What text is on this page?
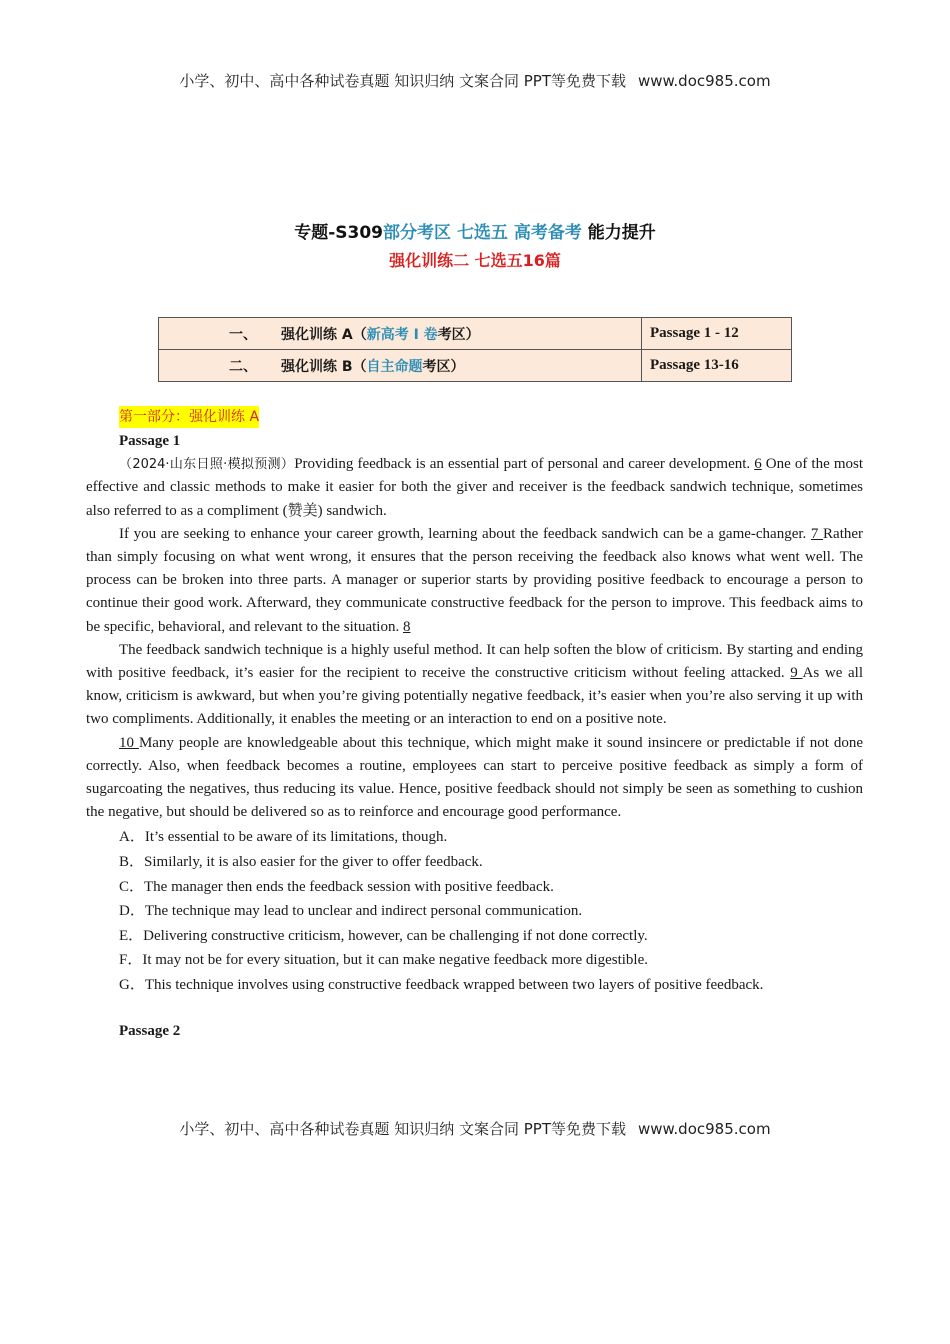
小学、初中、高中各种试卷真题 知识归纳 文案合同 PPT等免费下载 www.doc985.com
专题-S309部分考区 七选五 高考备考 能力提升
强化训练二 七选五16篇
一、 强化训练 A（新高考 Ⅰ 卷考区）	Passage 1 - 12
二、 强化训练 B（自主命题考区）	Passage 13-16
第一部分：强化训练 A
Passage 1

（2024·山东日照·模拟预测）Providing feedback is an essential part of personal and career development. 6 One of the most effective and classic methods to make it easier for both the giver and receiver is the feedback sandwich technique, sometimes also referred to as a compliment (赞美) sandwich.

If you are seeking to enhance your career growth, learning about the feedback sandwich can be a game-changer. 7 Rather than simply focusing on what went wrong, it ensures that the person receiving the feedback also knows what went well. The process can be broken into three parts. A manager or superior starts by providing positive feedback to encourage a person to continue their good work. Afterward, they communicate constructive feedback for the person to improve. This feedback aims to be specific, behavioral, and relevant to the situation. 8

The feedback sandwich technique is a highly useful method. It can help soften the blow of criticism. By starting and ending with positive feedback, it’s easier for the recipient to receive the constructive criticism without feeling attacked. 9 As we all know, criticism is awkward, but when you’re giving potentially negative feedback, it’s easier when you’re also serving it up with two compliments. Additionally, it enables the meeting or an interaction to end on a positive note.

10 Many people are knowledgeable about this technique, which might make it sound insincere or predictable if not done correctly. Also, when feedback becomes a routine, employees can start to perceive positive feedback as simply a form of sugarcoating the negatives, thus reducing its value. Hence, positive feedback should not simply be seen as something to cushion the negative, but should be delivered so as to reinforce and encourage good performance.

A．It’s essential to be aware of its limitations, though.
B．Similarly, it is also easier for the giver to offer feedback.
C．The manager then ends the feedback session with positive feedback.
D．The technique may lead to unclear and indirect personal communication.
E．Delivering constructive criticism, however, can be challenging if not done correctly.
F．It may not be for every situation, but it can make negative feedback more digestible.
G．This technique involves using constructive feedback wrapped between two layers of positive feedback.
Passage 2
小学、初中、高中各种试卷真题 知识归纳 文案合同 PPT等免费下载 www.doc985.com
